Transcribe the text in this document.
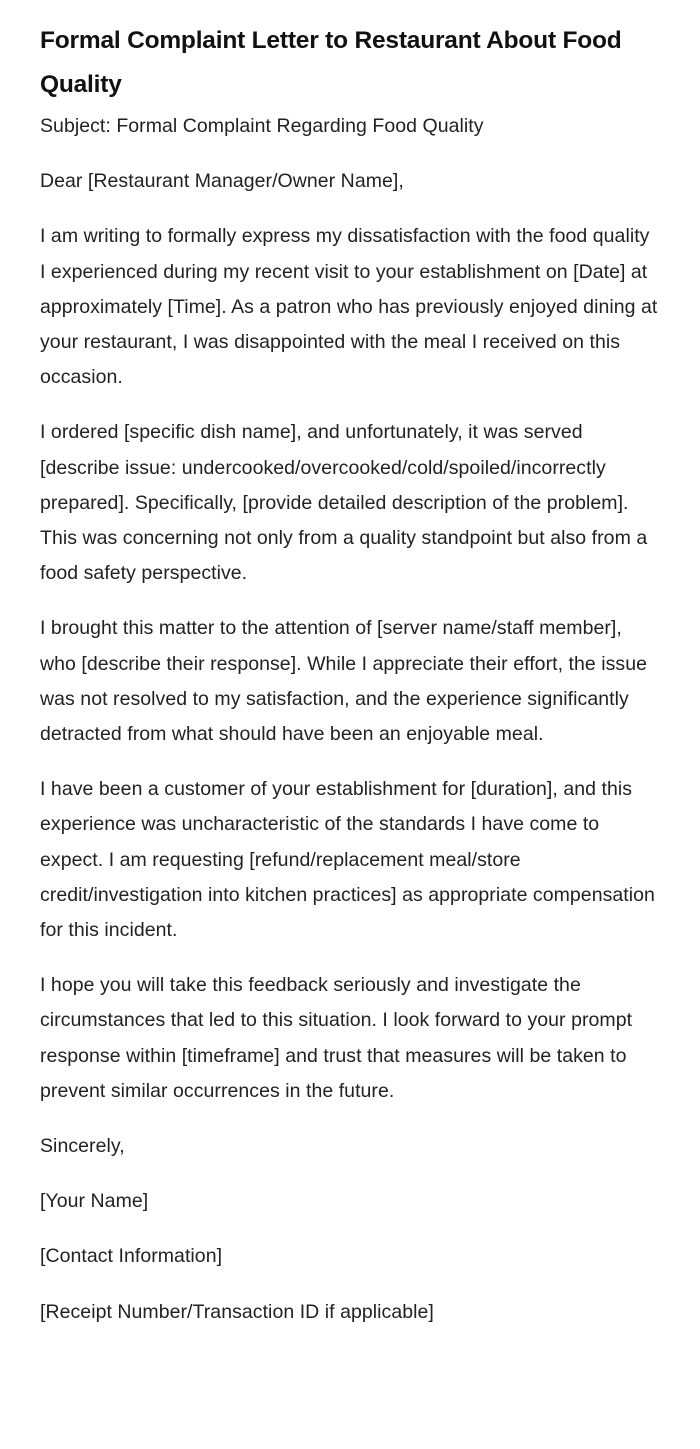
Formal Complaint Letter to Restaurant About Food Quality

Subject: Formal Complaint Regarding Food Quality

Dear [Restaurant Manager/Owner Name],

I am writing to formally express my dissatisfaction with the food quality I experienced during my recent visit to your establishment on [Date] at approximately [Time]. As a patron who has previously enjoyed dining at your restaurant, I was disappointed with the meal I received on this occasion.

I ordered [specific dish name], and unfortunately, it was served [describe issue: undercooked/overcooked/cold/spoiled/incorrectly prepared]. Specifically, [provide detailed description of the problem]. This was concerning not only from a quality standpoint but also from a food safety perspective.

I brought this matter to the attention of [server name/staff member], who [describe their response]. While I appreciate their effort, the issue was not resolved to my satisfaction, and the experience significantly detracted from what should have been an enjoyable meal.

I have been a customer of your establishment for [duration], and this experience was uncharacteristic of the standards I have come to expect. I am requesting [refund/replacement meal/store credit/investigation into kitchen practices] as appropriate compensation for this incident.

I hope you will take this feedback seriously and investigate the circumstances that led to this situation. I look forward to your prompt response within [timeframe] and trust that measures will be taken to prevent similar occurrences in the future.

Sincerely,

[Your Name]

[Contact Information]

[Receipt Number/Transaction ID if applicable]
